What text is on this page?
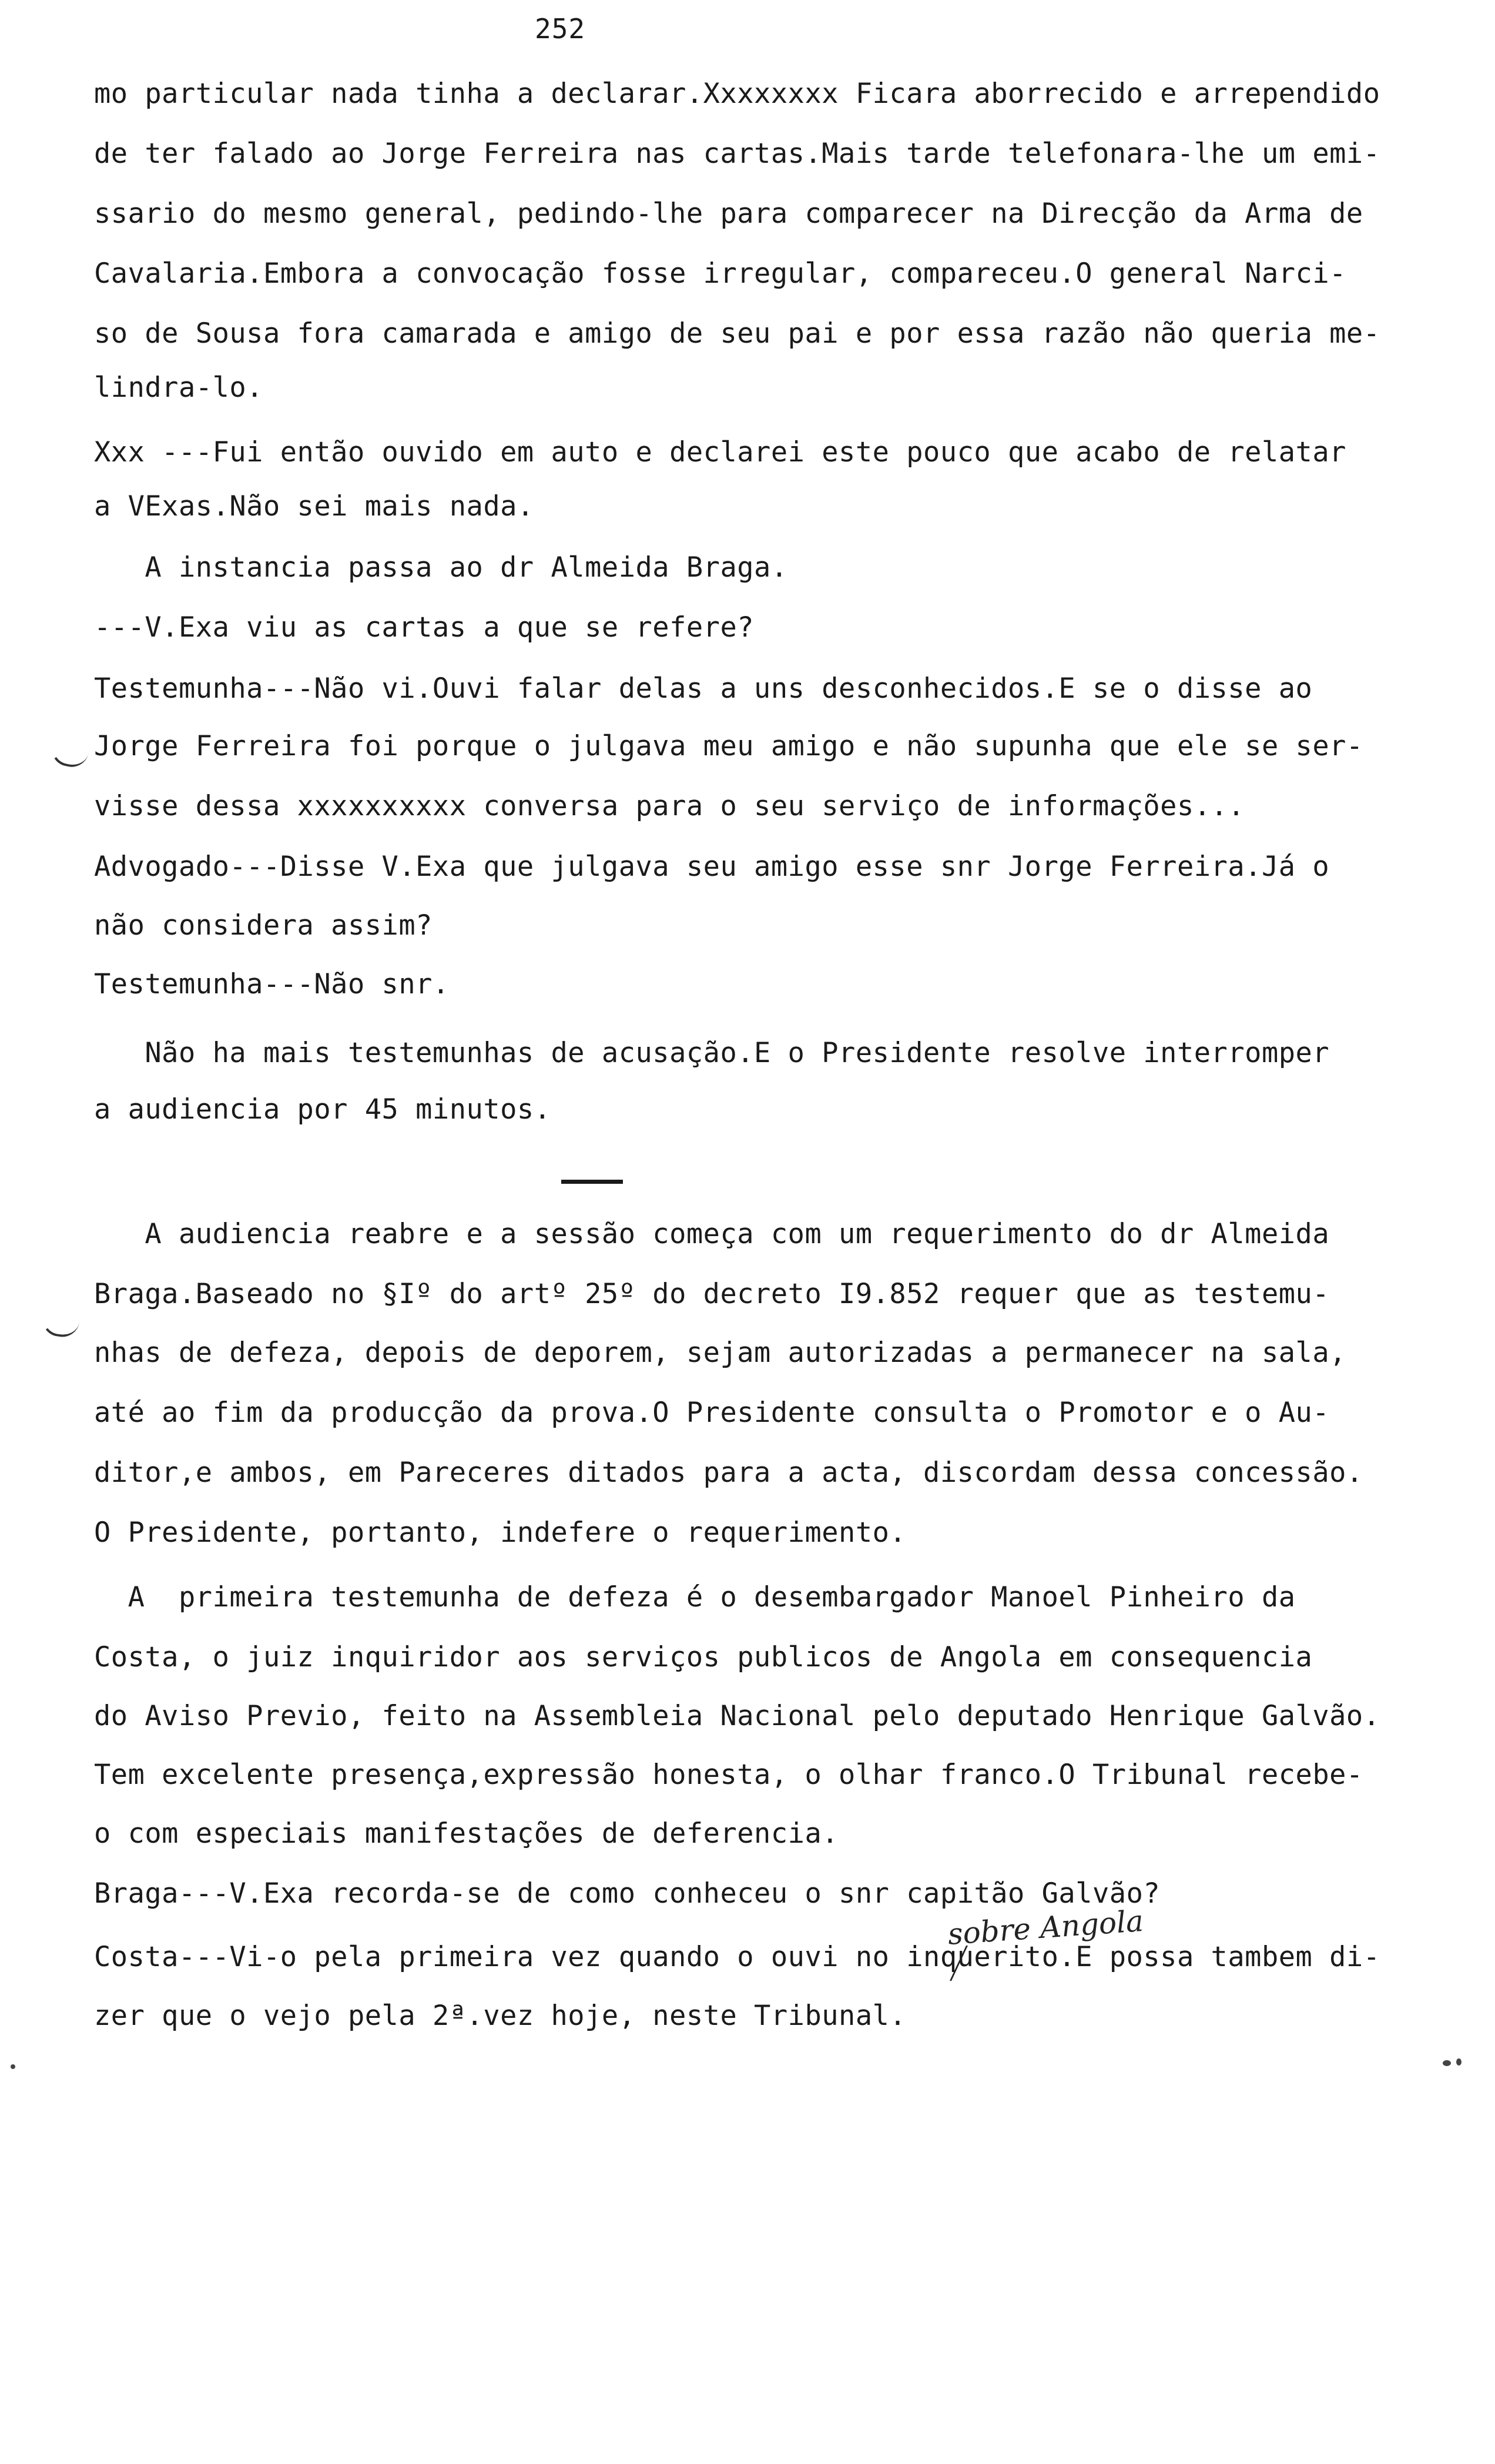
252
mo particular nada tinha a declarar.Xxxxxxxx Ficara aborrecido e arrependido
de ter falado ao Jorge Ferreira nas cartas.Mais tarde telefonara-lhe um emi-
ssario do mesmo general, pedindo-lhe para comparecer na Direcção da Arma de
Cavalaria.Embora a convocação fosse irregular, compareceu.O general Narci-
so de Sousa fora camarada e amigo de seu pai e por essa razão não queria me-
lindra-lo.
Xxx ---Fui então ouvido em auto e declarei este pouco que acabo de relatar
a VExas.Não sei mais nada.
A instancia passa ao dr Almeida Braga.
---V.Exa viu as cartas a que se refere?
Testemunha---Não vi.Ouvi falar delas a uns desconhecidos.E se o disse ao
Jorge Ferreira foi porque o julgava meu amigo e não supunha que ele se ser-
visse dessa xxxxxxxxxx conversa para o seu serviço de informações...
Advogado---Disse V.Exa que julgava seu amigo esse snr Jorge Ferreira.Já o
não considera assim?
Testemunha---Não snr.
Não ha mais testemunhas de acusação.E o Presidente resolve interromper
a audiencia por 45 minutos.
A audiencia reabre e a sessão começa com um requerimento do dr Almeida
Braga.Baseado no §Iº do artº 25º do decreto I9.852 requer que as testemu-
nhas de defeza, depois de deporem, sejam autorizadas a permanecer na sala,
até ao fim da producção da prova.O Presidente consulta o Promotor e o Au-
ditor,e ambos, em Pareceres ditados para a acta, discordam dessa concessão.
O Presidente, portanto, indefere o requerimento.
A  primeira testemunha de defeza é o desembargador Manoel Pinheiro da
Costa, o juiz inquiridor aos serviços publicos de Angola em consequencia
do Aviso Previo, feito na Assembleia Nacional pelo deputado Henrique Galvão.
Tem excelente presença,expressão honesta, o olhar franco.O Tribunal recebe-
o com especiais manifestações de deferencia.
Braga---V.Exa recorda-se de como conheceu o snr capitão Galvão?
Costa---Vi-o pela primeira vez quando o ouvi no inquerito.E possa tambem di-
zer que o vejo pela 2ª.vez hoje, neste Tribunal.
sobre Angola
